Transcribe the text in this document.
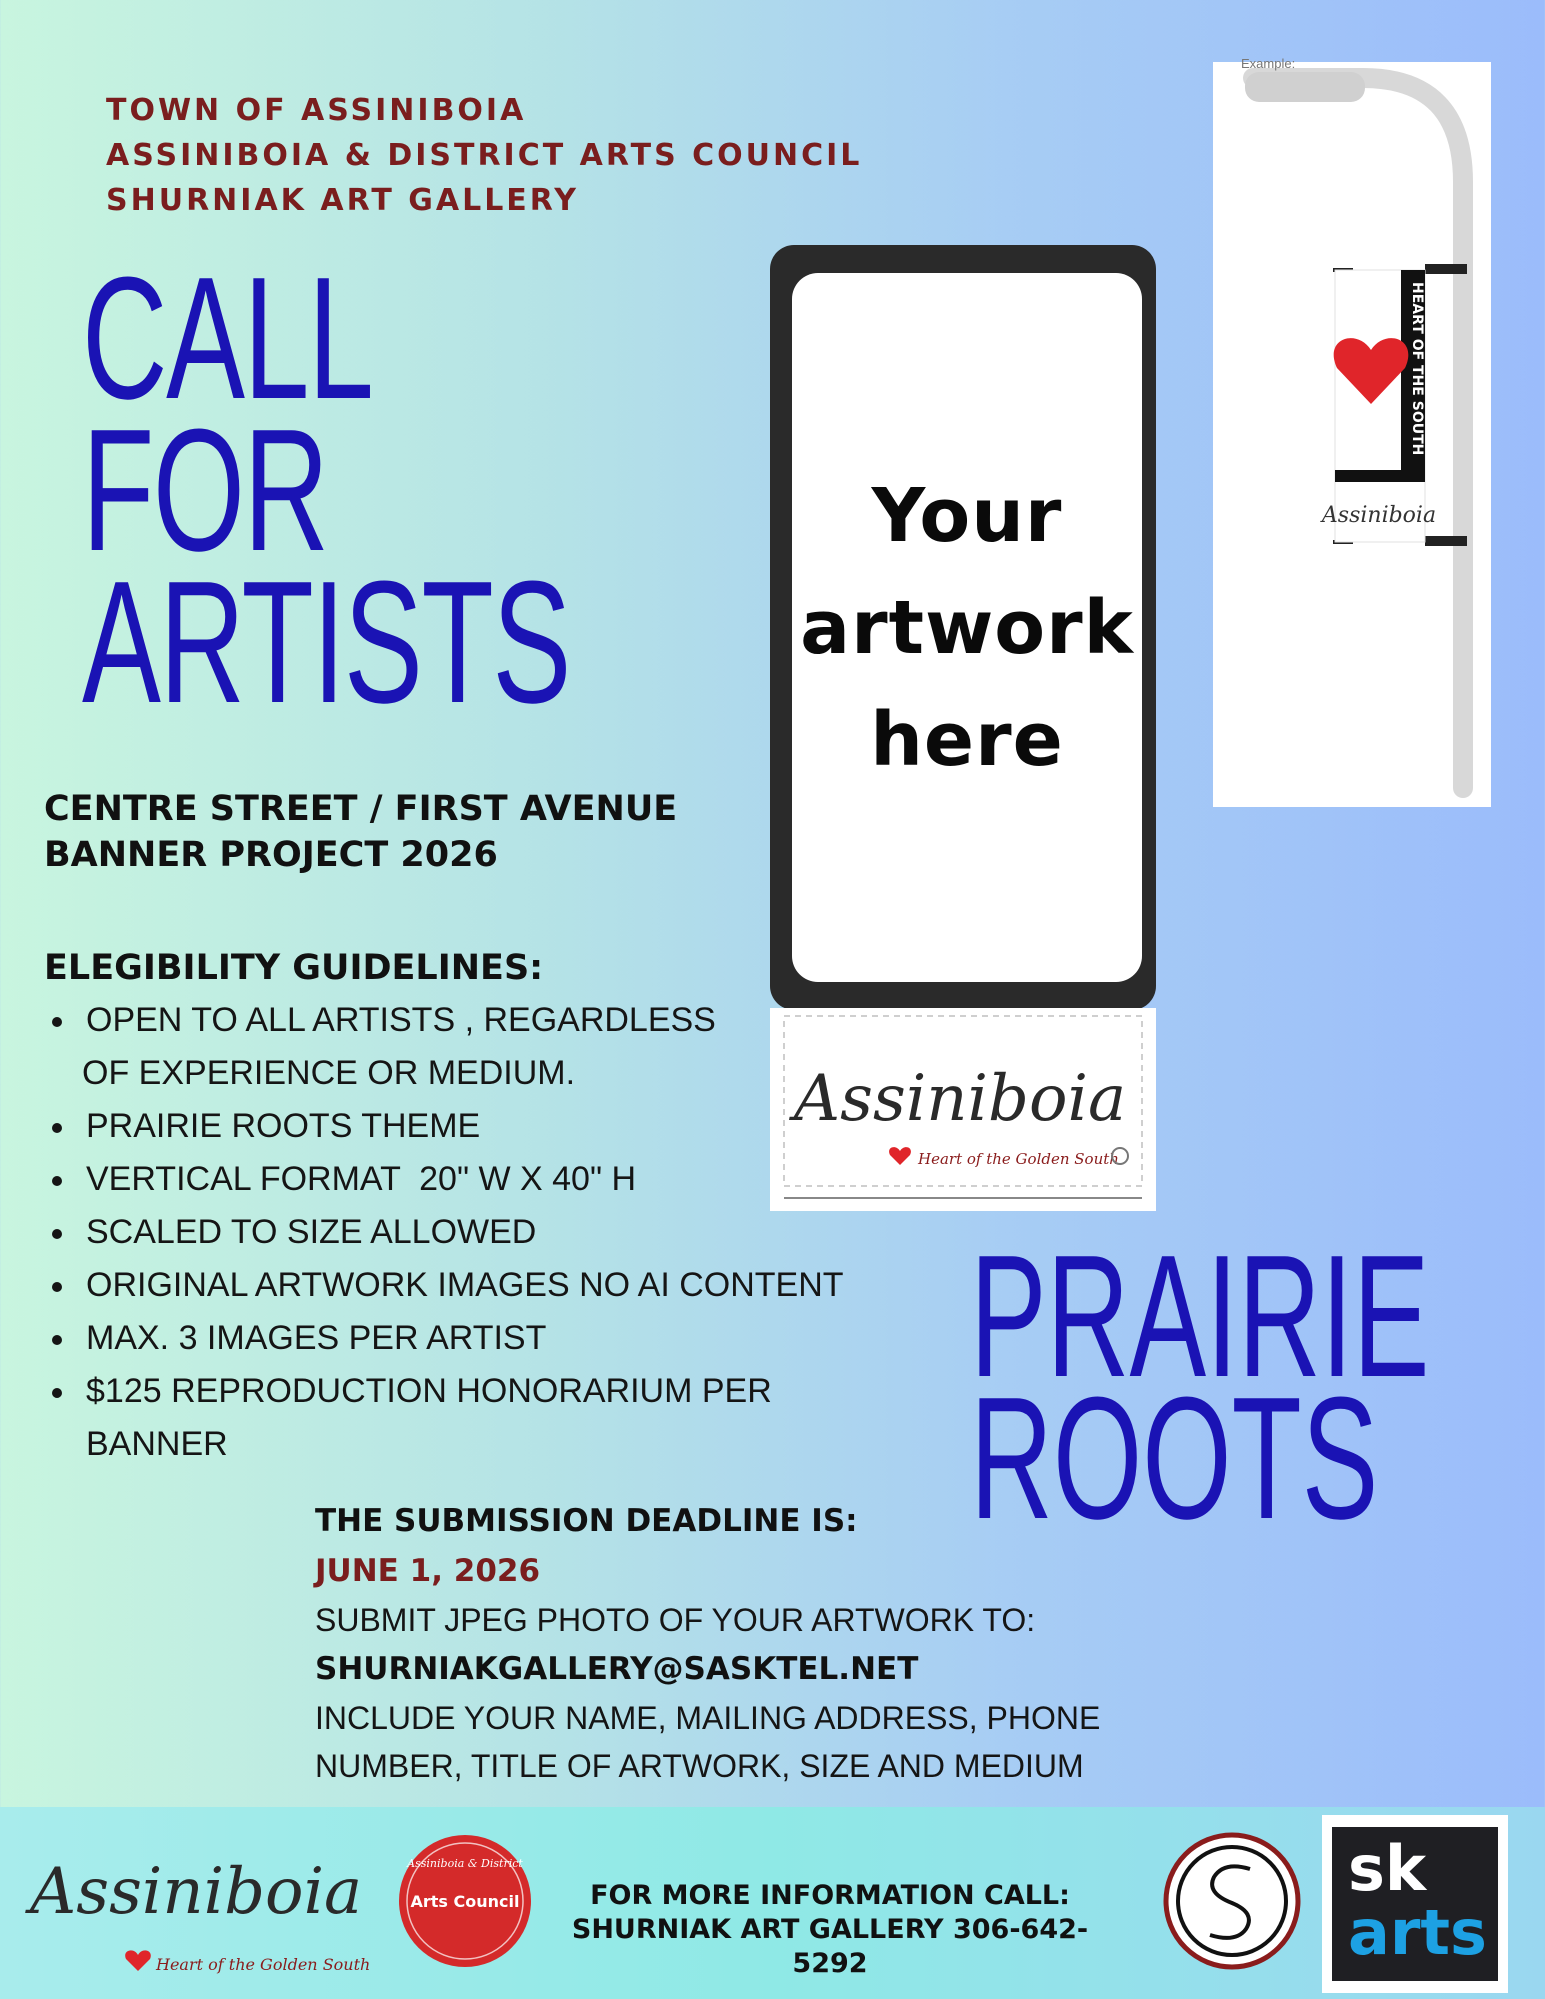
TOWN OF ASSINIBOIA
ASSINIBOIA & DISTRICT ARTS COUNCIL
SHURNIAK ART GALLERY
CALL
FOR
ARTISTS
CENTRE STREET / FIRST AVENUE
BANNER PROJECT 2026
ELEGIBILITY GUIDELINES:
OPEN TO ALL ARTISTS , REGARDLESS
OF EXPERIENCE OR MEDIUM.
PRAIRIE ROOTS THEME
VERTICAL FORMAT  20" W X 40" H
SCALED TO SIZE ALLOWED
ORIGINAL ARTWORK IMAGES NO AI CONTENT
MAX. 3 IMAGES PER ARTIST
$125 REPRODUCTION HONORARIUM PER
BANNER
THE SUBMISSION DEADLINE IS:
JUNE 1, 2026
SUBMIT JPEG PHOTO OF YOUR ARTWORK TO:
SHURNIAKGALLERY@SASKTEL.NET
INCLUDE YOUR NAME, MAILING ADDRESS, PHONE
NUMBER, TITLE OF ARTWORK, SIZE AND MEDIUM
Your
artwork
here
Assiniboia
Heart of the Golden South
Example:
HEART OF THE SOUTH
Assiniboia
PRAIRIE
ROOTS
Assiniboia
Heart of the Golden South
Assiniboia & District
Arts Council	FOR MORE INFORMATION CALL:
SHURNIAK ART GALLERY 306-642-5292
sk
arts
